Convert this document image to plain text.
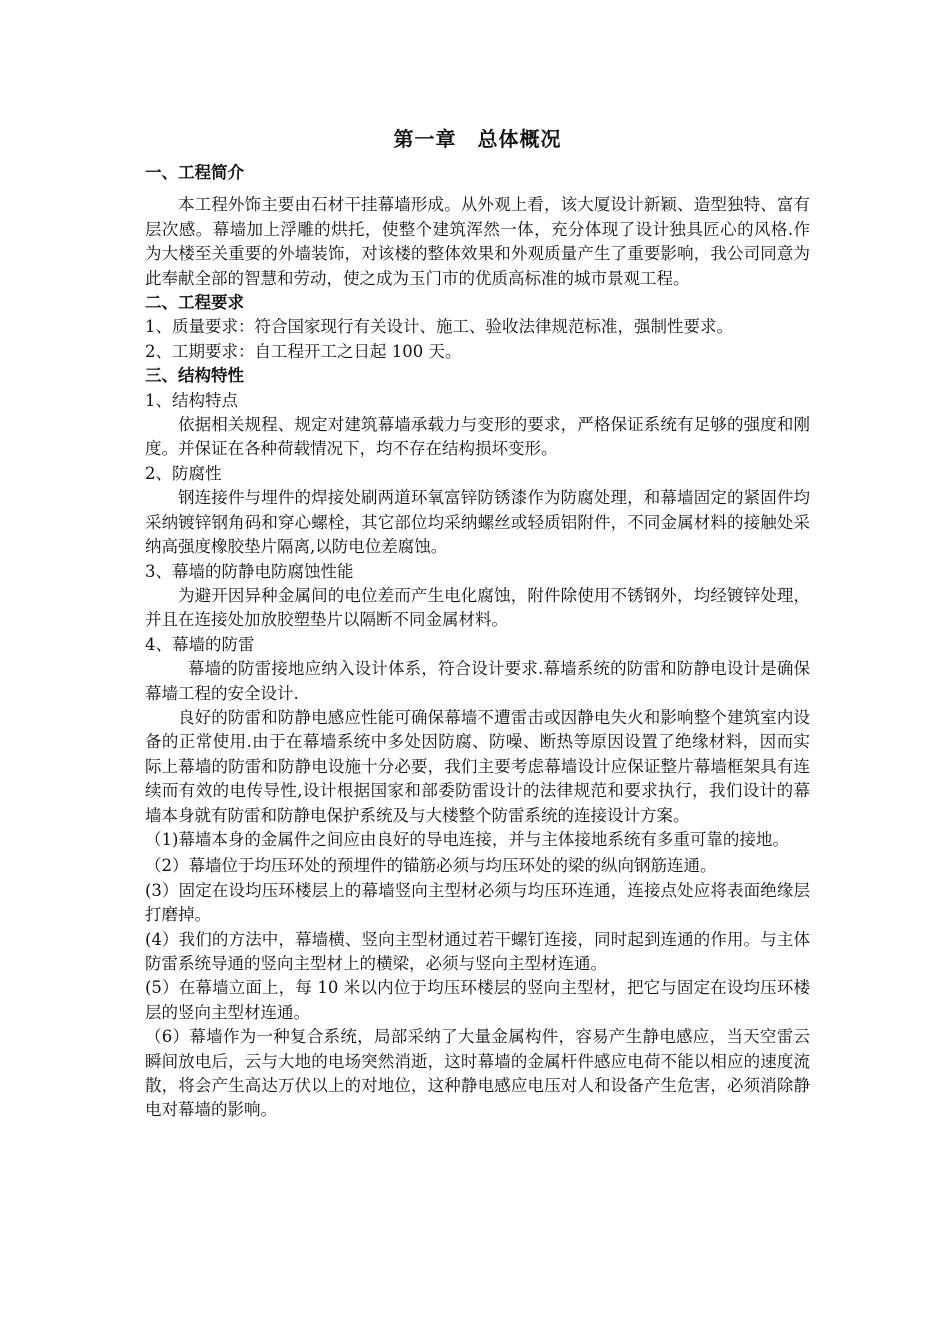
第一章　总体概况

一、工程简介

本工程外饰主要由石材干挂幕墙形成。从外观上看，该大厦设计新颖、造型独特、富有层次感。幕墙加上浮雕的烘托，使整个建筑浑然一体，充分体现了设计独具匠心的风格.作为大楼至关重要的外墙装饰，对该楼的整体效果和外观质量产生了重要影响，我公司同意为此奉献全部的智慧和劳动，使之成为玉门市的优质高标准的城市景观工程。

二、工程要求

1、质量要求：符合国家现行有关设计、施工、验收法律规范标准，强制性要求。

2、工期要求：自工程开工之日起 100 天。

三、结构特性

1、结构特点

依据相关规程、规定对建筑幕墙承载力与变形的要求，严格保证系统有足够的强度和刚度。并保证在各种荷载情况下，均不存在结构损坏变形。

2、防腐性

钢连接件与埋件的焊接处刷两道环氧富锌防锈漆作为防腐处理，和幕墙固定的紧固件均采纳镀锌钢角码和穿心螺栓，其它部位均采纳螺丝或轻质铝附件，不同金属材料的接触处采纳高强度橡胶垫片隔离,以防电位差腐蚀。

3、幕墙的防静电防腐蚀性能

为避开因异种金属间的电位差而产生电化腐蚀，附件除使用不锈钢外，均经镀锌处理，并且在连接处加放胶塑垫片以隔断不同金属材料。

4、幕墙的防雷

幕墙的防雷接地应纳入设计体系，符合设计要求.幕墙系统的防雷和防静电设计是确保幕墙工程的安全设计.

良好的防雷和防静电感应性能可确保幕墙不遭雷击或因静电失火和影响整个建筑室内设备的正常使用.由于在幕墙系统中多处因防腐、防噪、断热等原因设置了绝缘材料，因而实际上幕墙的防雷和防静电设施十分必要，我们主要考虑幕墙设计应保证整片幕墙框架具有连续而有效的电传导性,设计根据国家和部委防雷设计的法律规范和要求执行，我们设计的幕墙本身就有防雷和防静电保护系统及与大楼整个防雷系统的连接设计方案。

（1)幕墙本身的金属件之间应由良好的导电连接，并与主体接地系统有多重可靠的接地。

（2）幕墙位于均压环处的预埋件的锚筋必须与均压环处的梁的纵向钢筋连通。

(3）固定在设均压环楼层上的幕墙竖向主型材必须与均压环连通，连接点处应将表面绝缘层打磨掉。

(4）我们的方法中，幕墙横、竖向主型材通过若干螺钉连接，同时起到连通的作用。与主体防雷系统导通的竖向主型材上的横梁，必须与竖向主型材连通。

(5）在幕墙立面上，每 10 米以内位于均压环楼层的竖向主型材，把它与固定在设均压环楼层的竖向主型材连通。

（6）幕墙作为一种复合系统，局部采纳了大量金属构件，容易产生静电感应，当天空雷云瞬间放电后，云与大地的电场突然消逝，这时幕墙的金属杆件感应电荷不能以相应的速度流散，将会产生高达万伏以上的对地位，这种静电感应电压对人和设备产生危害，必须消除静电对幕墙的影响。
